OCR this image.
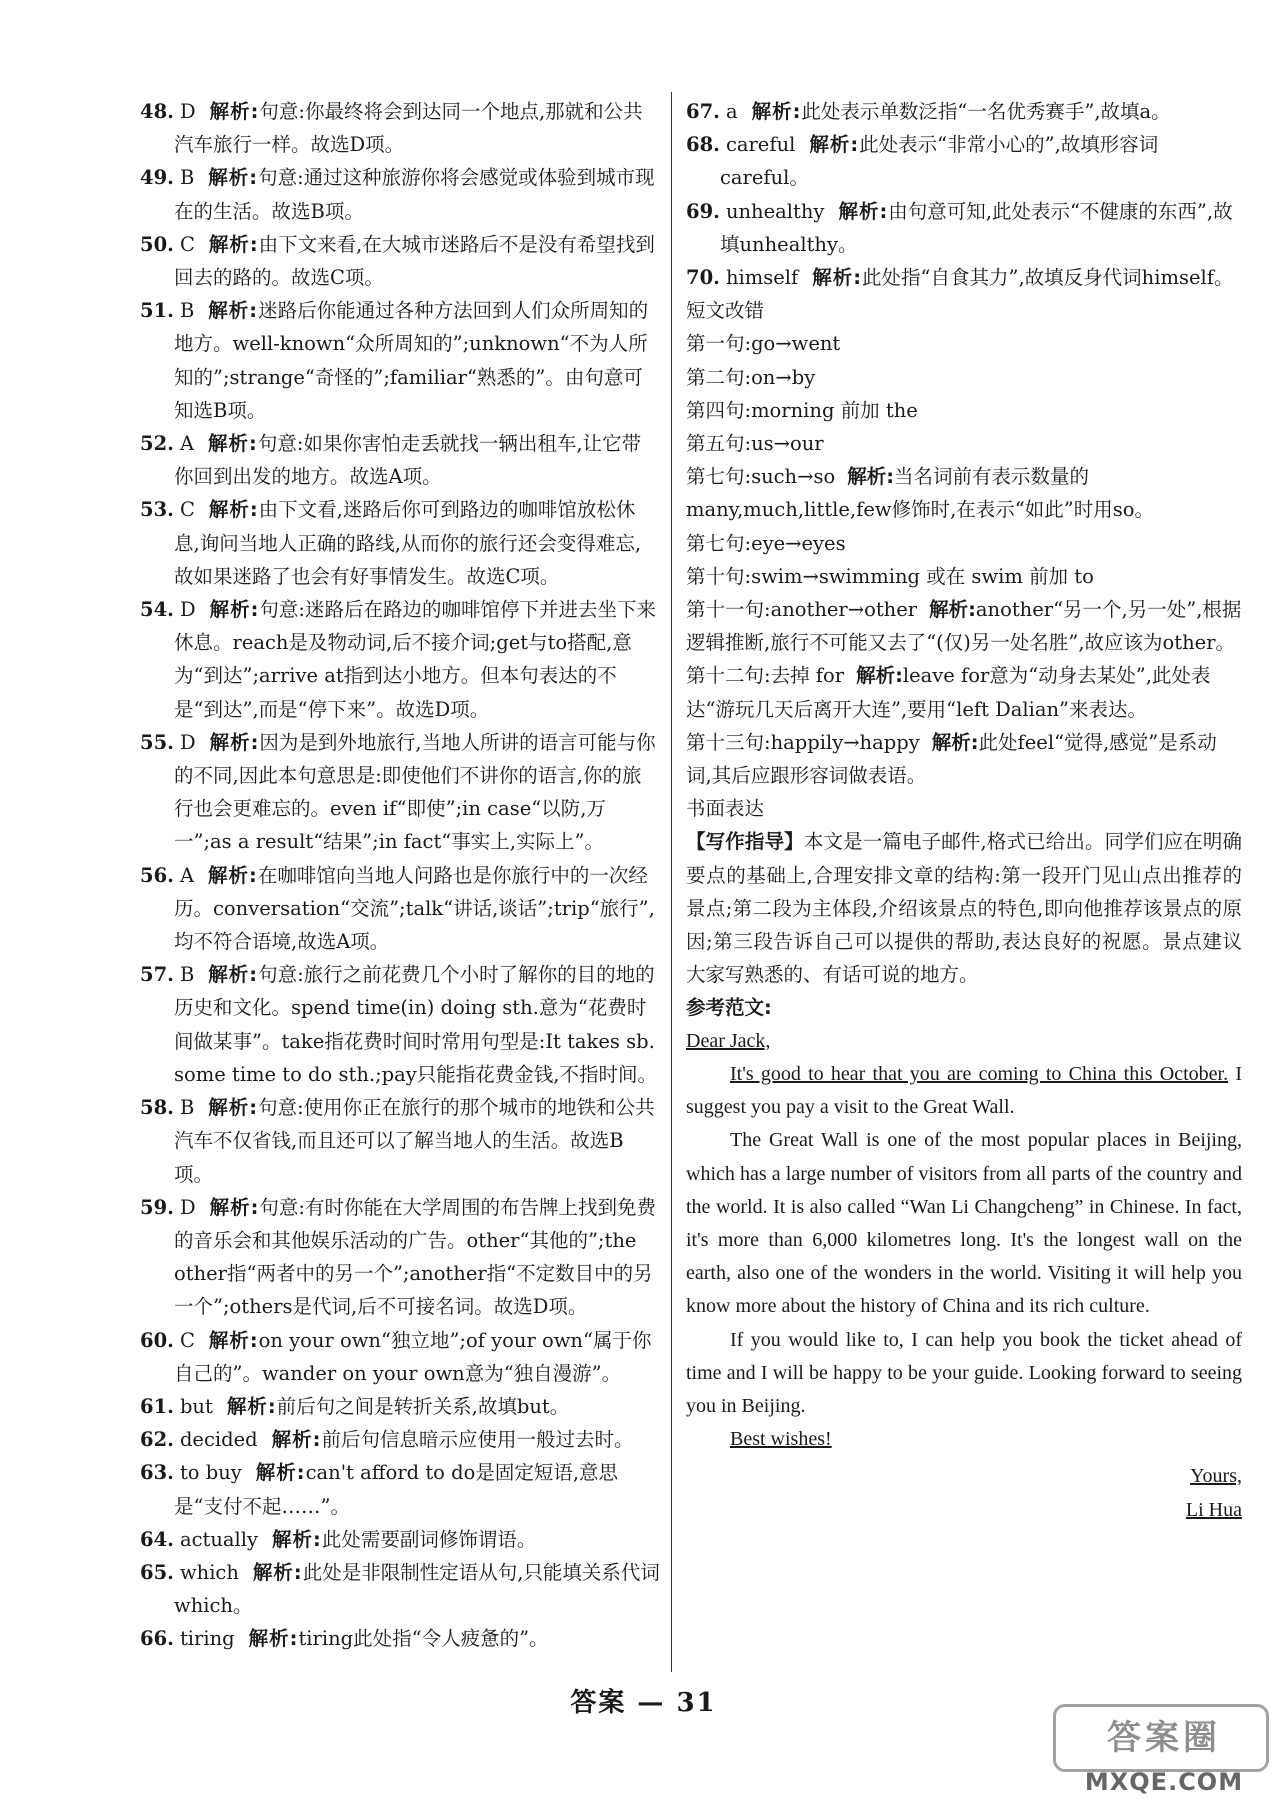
48. D 解析:句意:你最终将会到达同一个地点,那就和公共汽车旅行一样。故选D项。

49. B 解析:句意:通过这种旅游你将会感觉或体验到城市现在的生活。故选B项。

50. C 解析:由下文来看,在大城市迷路后不是没有希望找到回去的路的。故选C项。

51. B 解析:迷路后你能通过各种方法回到人们众所周知的地方。well-known“众所周知的”;unknown“不为人所知的”;strange“奇怪的”;familiar“熟悉的”。由句意可知选B项。

52. A 解析:句意:如果你害怕走丢就找一辆出租车,让它带你回到出发的地方。故选A项。

53. C 解析:由下文看,迷路后你可到路边的咖啡馆放松休息,询问当地人正确的路线,从而你的旅行还会变得难忘,故如果迷路了也会有好事情发生。故选C项。

54. D 解析:句意:迷路后在路边的咖啡馆停下并进去坐下来休息。reach是及物动词,后不接介词;get与to搭配,意为“到达”;arrive at指到达小地方。但本句表达的不是“到达”,而是“停下来”。故选D项。

55. D 解析:因为是到外地旅行,当地人所讲的语言可能与你的不同,因此本句意思是:即使他们不讲你的语言,你的旅行也会更难忘的。even if“即使”;in case“以防,万一”;as a result“结果”;in fact“事实上,实际上”。

56. A 解析:在咖啡馆向当地人问路也是你旅行中的一次经历。conversation“交流”;talk“讲话,谈话”;trip“旅行”,均不符合语境,故选A项。

57. B 解析:句意:旅行之前花费几个小时了解你的目的地的历史和文化。spend time(in) doing sth.意为“花费时间做某事”。take指花费时间时常用句型是:It takes sb. some time to do sth.;pay只能指花费金钱,不指时间。

58. B 解析:句意:使用你正在旅行的那个城市的地铁和公共汽车不仅省钱,而且还可以了解当地人的生活。故选B项。

59. D 解析:句意:有时你能在大学周围的布告牌上找到免费的音乐会和其他娱乐活动的广告。other“其他的”;the other指“两者中的另一个”;another指“不定数目中的另一个”;others是代词,后不可接名词。故选D项。

60. C 解析:on your own“独立地”;of your own“属于你自己的”。wander on your own意为“独自漫游”。

61. but 解析:前后句之间是转折关系,故填but。

62. decided 解析:前后句信息暗示应使用一般过去时。

63. to buy 解析:can't afford to do是固定短语,意思是“支付不起……”。

64. actually 解析:此处需要副词修饰谓语。

65. which 解析:此处是非限制性定语从句,只能填关系代词which。

66. tiring 解析:tiring此处指“令人疲惫的”。

67. a 解析:此处表示单数泛指“一名优秀赛手”,故填a。

68. careful 解析:此处表示“非常小心的”,故填形容词careful。

69. unhealthy 解析:由句意可知,此处表示“不健康的东西”,故填unhealthy。

70. himself 解析:此处指“自食其力”,故填反身代词himself。

短文改错

第一句:go→went

第二句:on→by

第四句:morning 前加 the

第五句:us→our

第七句:such→so 解析:当名词前有表示数量的many,much,little,few修饰时,在表示“如此”时用so。

第七句:eye→eyes

第十句:swim→swimming 或在 swim 前加 to

第十一句:another→other 解析:another“另一个,另一处”,根据逻辑推断,旅行不可能又去了“(仅)另一处名胜”,故应该为other。

第十二句:去掉 for 解析:leave for意为“动身去某处”,此处表达“游玩几天后离开大连”,要用“left Dalian”来表达。

第十三句:happily→happy 解析:此处feel“觉得,感觉”是系动词,其后应跟形容词做表语。

书面表达

【写作指导】本文是一篇电子邮件,格式已给出。同学们应在明确要点的基础上,合理安排文章的结构:第一段开门见山点出推荐的景点;第二段为主体段,介绍该景点的特色,即向他推荐该景点的原因;第三段告诉自己可以提供的帮助,表达良好的祝愿。景点建议大家写熟悉的、有话可说的地方。

参考范文:

Dear Jack,

It's good to hear that you are coming to China this October. I suggest you pay a visit to the Great Wall.

The Great Wall is one of the most popular places in Beijing, which has a large number of visitors from all parts of the country and the world. It is also called “Wan Li Changcheng” in Chinese. In fact, it's more than 6,000 kilometres long. It's the longest wall on the earth, also one of the wonders in the world. Visiting it will help you know more about the history of China and its rich culture.

If you would like to, I can help you book the ticket ahead of time and I will be happy to be your guide. Looking forward to seeing you in Beijing.

Best wishes!

Yours,

Li Hua

答案 — 31
答案圈
MXQE.COM
